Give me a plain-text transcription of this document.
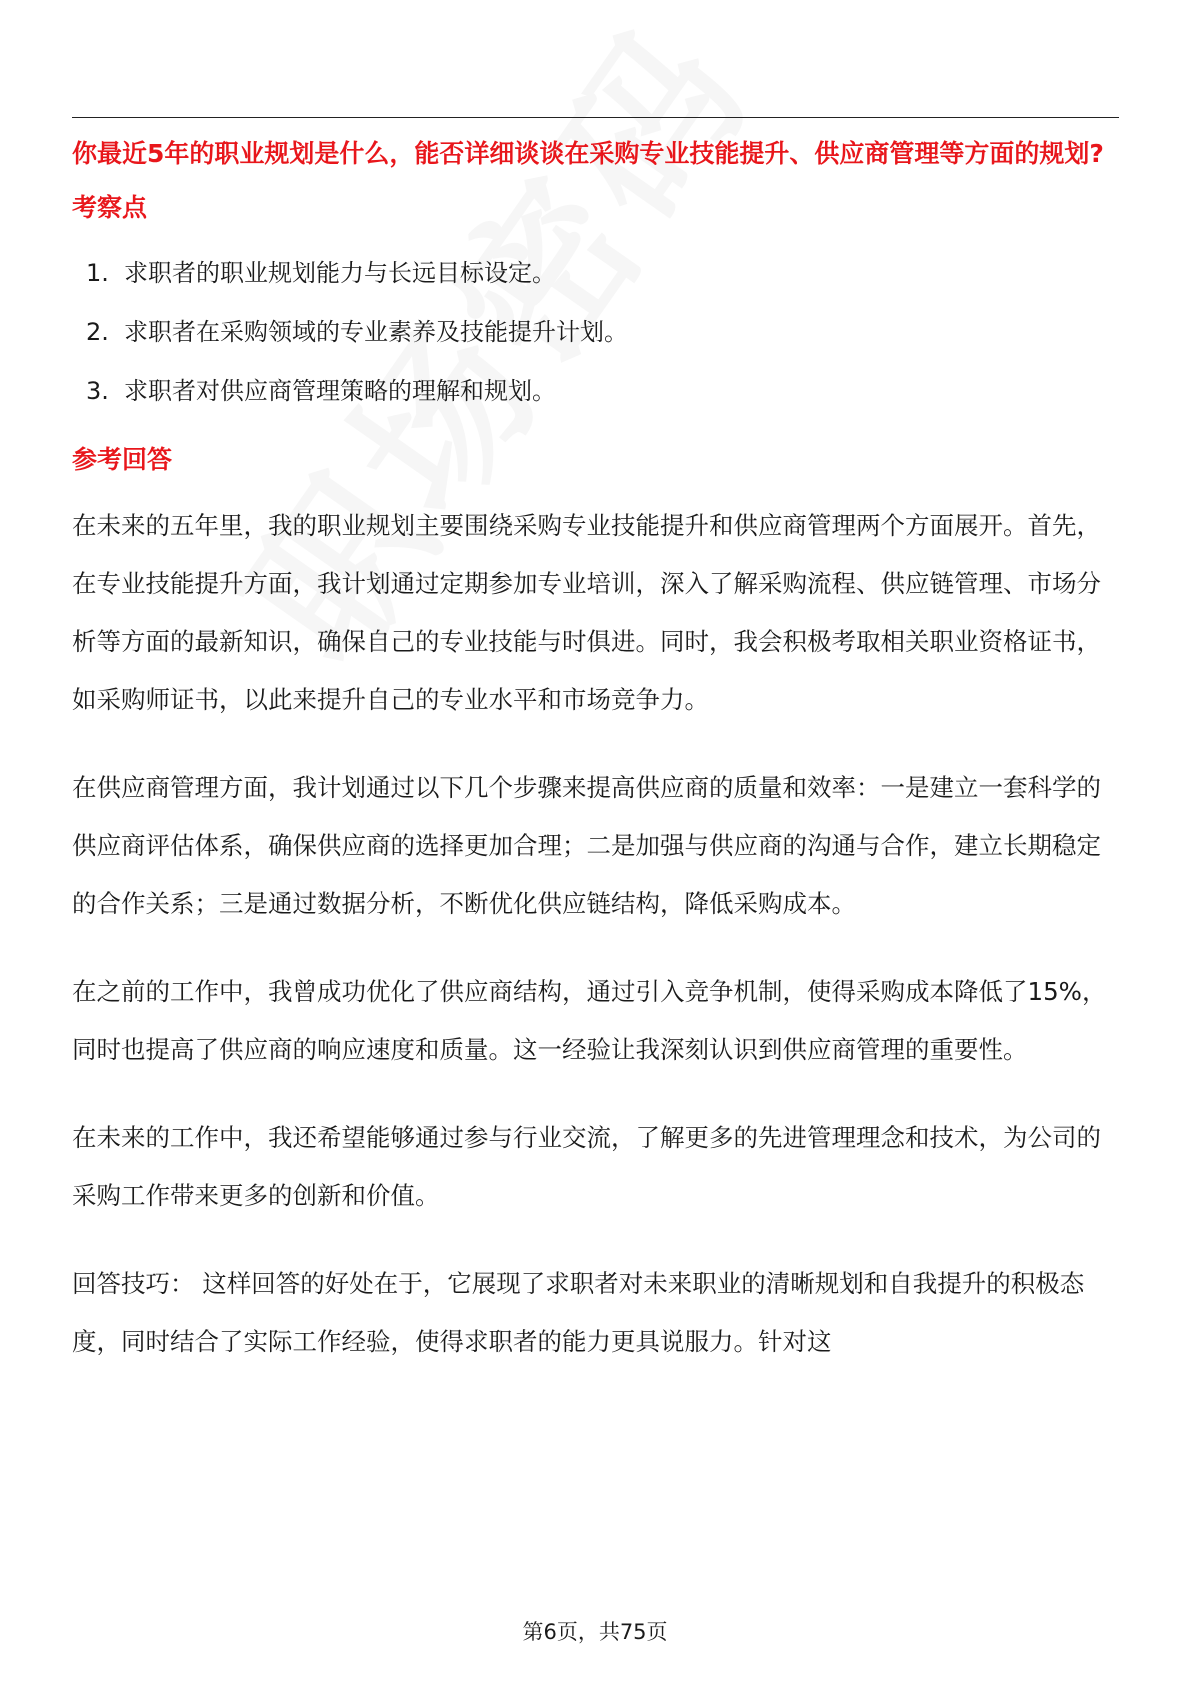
你最近5年的职业规划是什么，能否详细谈谈在采购专业技能提升、供应商管理等方面的规划?

考察点

1. 求职者的职业规划能力与长远目标设定。
2. 求职者在采购领域的专业素养及技能提升计划。
3. 求职者对供应商管理策略的理解和规划。

参考回答

在未来的五年里，我的职业规划主要围绕采购专业技能提升和供应商管理两个方面展开。首先，在专业技能提升方面，我计划通过定期参加专业培训，深入了解采购流程、供应链管理、市场分析等方面的最新知识，确保自己的专业技能与时俱进。同时，我会积极考取相关职业资格证书，如采购师证书，以此来提升自己的专业水平和市场竞争力。

在供应商管理方面，我计划通过以下几个步骤来提高供应商的质量和效率：一是建立一套科学的供应商评估体系，确保供应商的选择更加合理；二是加强与供应商的沟通与合作，建立长期稳定的合作关系；三是通过数据分析，不断优化供应链结构，降低采购成本。

在之前的工作中，我曾成功优化了供应商结构，通过引入竞争机制，使得采购成本降低了15%，同时也提高了供应商的响应速度和质量。这一经验让我深刻认识到供应商管理的重要性。

在未来的工作中，我还希望能够通过参与行业交流，了解更多的先进管理理念和技术，为公司的采购工作带来更多的创新和价值。

回答技巧： 这样回答的好处在于，它展现了求职者对未来职业的清晰规划和自我提升的积极态度，同时结合了实际工作经验，使得求职者的能力更具说服力。针对这

第6页，共75页
